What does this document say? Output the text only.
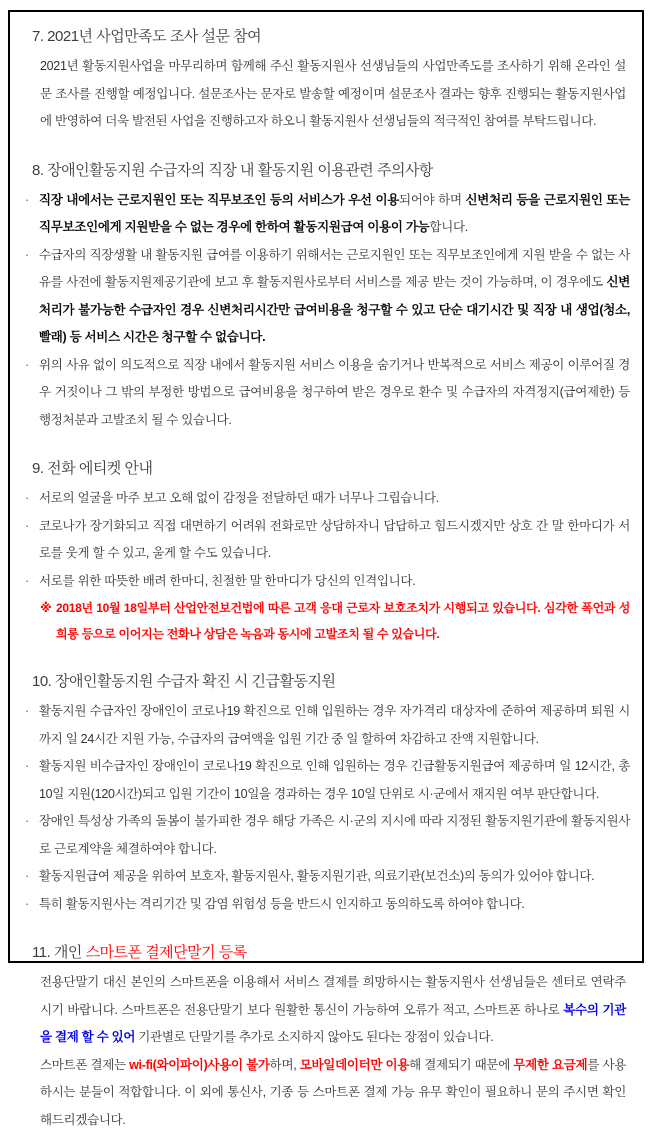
7. 2021년 사업만족도 조사 설문 참여
2021년 활동지원사업을 마무리하며 함께해 주신 활동지원사 선생님들의 사업만족도를 조사하기 위해 온라인 설문 조사를 진행할 예정입니다. 설문조사는 문자로 발송할 예정이며 설문조사 결과는 향후 진행되는 활동지원사업에 반영하여 더욱 발전된 사업을 진행하고자 하오니 활동지원사 선생님들의 적극적인 참여를 부탁드립니다.
8. 장애인활동지원 수급자의 직장 내 활동지원 이용관련 주의사항
· 직장 내에서는 근로지원인 또는 직무보조인 등의 서비스가 우선 이용되어야 하며 신변처리 등을 근로지원인 또는 직무보조인에게 지원받을 수 없는 경우에 한하여 활동지원급여 이용이 가능합니다.
· 수급자의 직장생활 내 활동지원 급여를 이용하기 위해서는 근로지원인 또는 직무보조인에게 지원 받을 수 없는 사유를 사전에 활동지원제공기관에 보고 후 활동지원사로부터 서비스를 제공 받는 것이 가능하며, 이 경우에도 신변처리가 불가능한 수급자인 경우 신변처리시간만 급여비용을 청구할 수 있고 단순 대기시간 및 직장 내 생업(청소, 빨래) 등 서비스 시간은 청구할 수 없습니다.
· 위의 사유 없이 의도적으로 직장 내에서 활동지원 서비스 이용을 숨기거나 반복적으로 서비스 제공이 이루어질 경우 거짓이나 그 밖의 부정한 방법으로 급여비용을 청구하여 받은 경우로 환수 및 수급자의 자격정지(급여제한) 등 행정처분과 고발조치 될 수 있습니다.
9. 전화 에티켓 안내
· 서로의 얼굴을 마주 보고 오해 없이 감정을 전달하던 때가 너무나 그립습니다.
· 코로나가 장기화되고 직접 대면하기 어려워 전화로만 상담하자니 답답하고 힘드시겠지만 상호 간 말 한마디가 서로를 웃게 할 수 있고, 울게 할 수도 있습니다.
· 서로를 위한 따뜻한 배려 한마디, 친절한 말 한마디가 당신의 인격입니다.
※ 2018년 10월 18일부터 산업안전보건법에 따른 고객 응대 근로자 보호조치가 시행되고 있습니다. 심각한 폭언과 성희롱 등으로 이어지는 전화나 상담은 녹음과 동시에 고발조치 될 수 있습니다.
10. 장애인활동지원 수급자 확진 시 긴급활동지원
· 활동지원 수급자인 장애인이 코로나19 확진으로 인해 입원하는 경우 자가격리 대상자에 준하여 제공하며 퇴원 시까지 일 24시간 지원 가능, 수급자의 급여액을 입원 기간 중 일 할하여 차감하고 잔액 지원합니다.
· 활동지원 비수급자인 장애인이 코로나19 확진으로 인해 입원하는 경우 긴급활동지원급여 제공하며 일 12시간, 총 10일 지원(120시간)되고 입원 기간이 10일을 경과하는 경우 10일 단위로 시·군에서 재지원 여부 판단합니다.
· 장애인 특성상 가족의 돌봄이 불가피한 경우 해당 가족은 시·군의 지시에 따라 지정된 활동지원기관에 활동지원사로 근로계약을 체결하여야 합니다.
· 활동지원급여 제공을 위하여 보호자, 활동지원사, 활동지원기관, 의료기관(보건소)의 동의가 있어야 합니다.
· 특히 활동지원사는 격리기간 및 감염 위험성 등을 반드시 인지하고 동의하도록 하여야 합니다.
11. 개인 스마트폰 결제단말기 등록
전용단말기 대신 본인의 스마트폰을 이용해서 서비스 결제를 희망하시는 활동지원사 선생님들은 센터로 연락주시기 바랍니다. 스마트폰은 전용단말기 보다 원활한 통신이 가능하여 오류가 적고, 스마트폰 하나로 복수의 기관을 결제 할 수 있어 기관별로 단말기를 추가로 소지하지 않아도 된다는 장점이 있습니다.
스마트폰 결제는 wi-fi(와이파이)사용이 불가하며, 모바일데이터만 이용해 결제되기 때문에 무제한 요금제를 사용하시는 분들이 적합합니다. 이 외에 통신사, 기종 등 스마트폰 결제 가능 유무 확인이 필요하니 문의 주시면 확인해드리겠습니다.
